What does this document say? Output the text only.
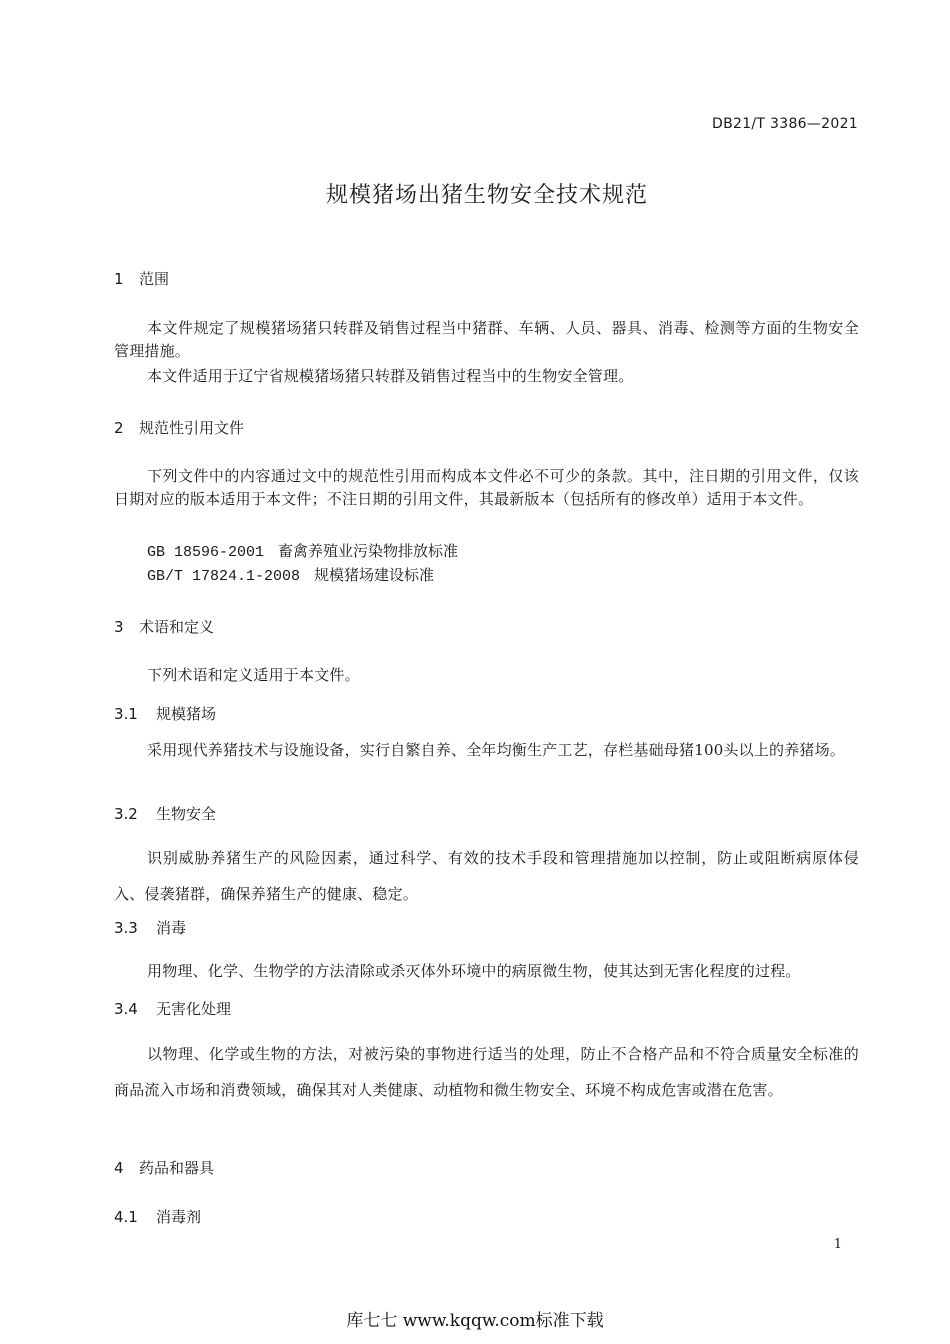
DB21/T 3386—2021
规模猪场出猪生物安全技术规范
1 范围
本文件规定了规模猪场猪只转群及销售过程当中猪群、车辆、人员、器具、消毒、检测等方面的生物安全管理措施。
本文件适用于辽宁省规模猪场猪只转群及销售过程当中的生物安全管理。
2 规范性引用文件
下列文件中的内容通过文中的规范性引用而构成本文件必不可少的条款。其中，注日期的引用文件，仅该日期对应的版本适用于本文件；不注日期的引用文件，其最新版本（包括所有的修改单）适用于本文件。
GB 18596-2001 畜禽养殖业污染物排放标准
GB/T 17824.1-2008 规模猪场建设标准
3 术语和定义
下列术语和定义适用于本文件。
3.1 规模猪场
采用现代养猪技术与设施设备，实行自繁自养、全年均衡生产工艺，存栏基础母猪100头以上的养猪场。
3.2 生物安全
识别威胁养猪生产的风险因素，通过科学、有效的技术手段和管理措施加以控制，防止或阻断病原体侵入、侵袭猪群，确保养猪生产的健康、稳定。
3.3 消毒
用物理、化学、生物学的方法清除或杀灭体外环境中的病原微生物，使其达到无害化程度的过程。
3.4 无害化处理
以物理、化学或生物的方法，对被污染的事物进行适当的处理，防止不合格产品和不符合质量安全标准的商品流入市场和消费领域，确保其对人类健康、动植物和微生物安全、环境不构成危害或潜在危害。
4 药品和器具
4.1 消毒剂
1
库七七 www.kqqw.com标准下载
